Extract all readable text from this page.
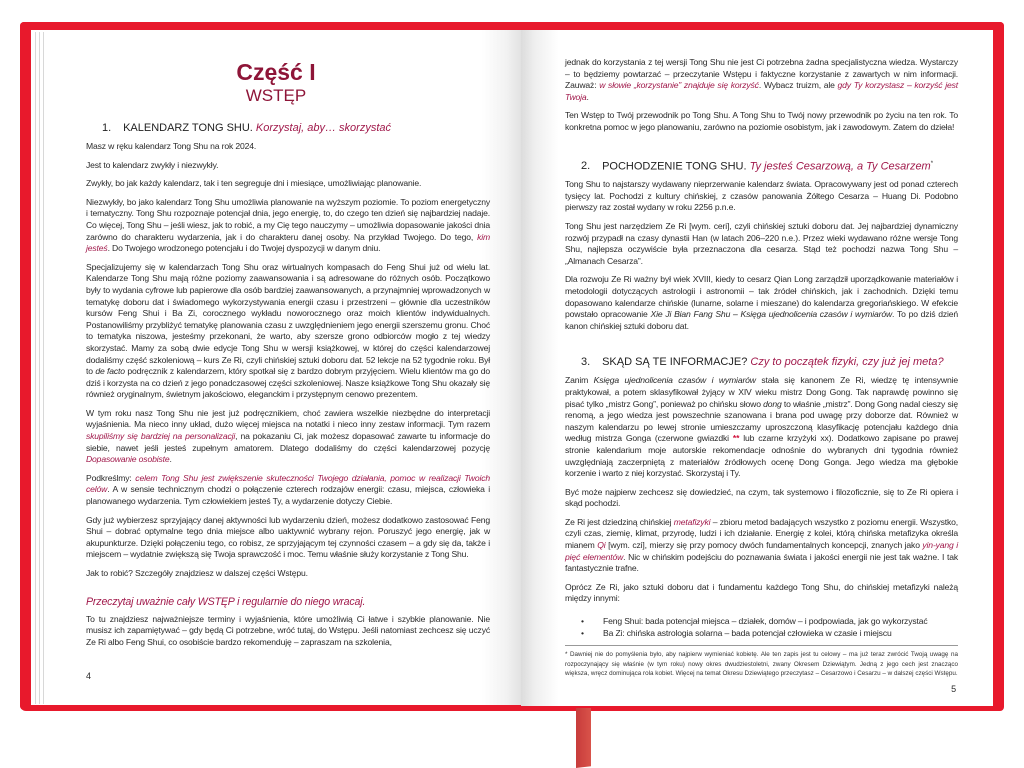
Część I
WSTĘP
1. KALENDARZ TONG SHU. Korzystaj, aby… skorzystać

Masz w ręku kalendarz Tong Shu na rok 2024.

Jest to kalendarz zwykły i niezwykły.

Zwykły, bo jak każdy kalendarz, tak i ten segreguje dni i miesiące, umożliwiając planowanie.

Niezwykły, bo jako kalendarz Tong Shu umożliwia planowanie na wyższym poziomie. To poziom energetyczny i tematyczny. Tong Shu rozpoznaje potencjał dnia, jego energię, to, do czego ten dzień się najbardziej nadaje. Co więcej, Tong Shu – jeśli wiesz, jak to robić, a my Cię tego nauczymy – umożliwia dopasowanie jakości dnia zarówno do charakteru wydarzenia, jak i do charakteru danej osoby. Na przykład Twojego. Do tego, kim jesteś. Do Twojego wrodzonego potencjału i do Twojej dyspozycji w danym dniu.

Specjalizujemy się w kalendarzach Tong Shu oraz wirtualnych kompasach do Feng Shui już od wielu lat. Kalendarze Tong Shu mają różne poziomy zaawansowania i są adresowane do różnych osób. Początkowo były to wydania cyfrowe lub papierowe dla osób bardziej zaawansowanych, a przynajmniej wprowadzonych w tematykę doboru dat i świadomego wykorzystywania energii czasu i przestrzeni – głównie dla uczestników kursów Feng Shui i Ba Zi, corocznego wykładu noworocznego oraz moich klientów indywidualnych. Postanowiliśmy przybliżyć tematykę planowania czasu z uwzględnieniem jego energii szerszemu gronu. Choć to tematyka niszowa, jesteśmy przekonani, że warto, aby szersze grono odbiorców mogło z tej wiedzy skorzystać. Mamy za sobą dwie edycje Tong Shu w wersji książkowej, w której do części kalendarzowej dodaliśmy część szkoleniową – kurs Ze Ri, czyli chińskiej sztuki doboru dat. 52 lekcje na 52 tygodnie roku. Był to de facto podręcznik z kalendarzem, który spotkał się z bardzo dobrym przyjęciem. Wielu klientów ma go do dziś i korzysta na co dzień z jego ponadczasowej części szkoleniowej. Nasze książkowe Tong Shu okazały się również oryginalnym, świetnym jakościowo, eleganckim i przystępnym cenowo prezentem.

W tym roku nasz Tong Shu nie jest już podręcznikiem, choć zawiera wszelkie niezbędne do interpretacji wyjaśnienia. Ma nieco inny układ, dużo więcej miejsca na notatki i nieco inny zestaw informacji. Tym razem skupiliśmy się bardziej na personalizacji, na pokazaniu Ci, jak możesz dopasować zawarte tu informacje do siebie, nawet jeśli jesteś zupełnym amatorem. Dlatego dodaliśmy do części kalendarzowej pozycję Dopasowanie osobiste.

Podkreślmy: celem Tong Shu jest zwiększenie skuteczności Twojego działania, pomoc w realizacji Twoich celów. A w sensie technicznym chodzi o połączenie czterech rodzajów energii: czasu, miejsca, człowieka i planowanego wydarzenia. Tym człowiekiem jesteś Ty, a wydarzenie dotyczy Ciebie.

Gdy już wybierzesz sprzyjający danej aktywności lub wydarzeniu dzień, możesz dodatkowo zastosować Feng Shui – dobrać optymalne tego dnia miejsce albo uaktywnić wybrany rejon. Poruszyć jego energię, jak w akupunkturze. Dzięki połączeniu tego, co robisz, ze sprzyjającym tej czynności czasem – a gdy się da, także i miejscem – wydatnie zwiększą się Twoja sprawczość i moc. Temu właśnie służy korzystanie z Tong Shu.

Jak to robić? Szczegóły znajdziesz w dalszej części Wstępu.

Przeczytaj uważnie cały WSTĘP i regularnie do niego wracaj.

To tu znajdziesz najważniejsze terminy i wyjaśnienia, które umożliwią Ci łatwe i szybkie planowanie. Nie musisz ich zapamiętywać – gdy będą Ci potrzebne, wróć tutaj, do Wstępu. Jeśli natomiast zechcesz się uczyć Ze Ri albo Feng Shui, co osobiście bardzo rekomenduję – zapraszam na szkolenia,

4

jednak do korzystania z tej wersji Tong Shu nie jest Ci potrzebna żadna specjalistyczna wiedza. Wystarczy – to będziemy powtarzać – przeczytanie Wstępu i faktyczne korzystanie z zawartych w nim informacji. Zauważ: w słowie „korzystanie” znajduje się korzyść. Wybacz truizm, ale gdy Ty korzystasz – korzyść jest Twoja.

Ten Wstęp to Twój przewodnik po Tong Shu. A Tong Shu to Twój nowy przewodnik po życiu na ten rok. To konkretna pomoc w jego planowaniu, zarówno na poziomie osobistym, jak i zawodowym. Zatem do dzieła!

2. POCHODZENIE TONG SHU. Ty jesteś Cesarzową, a Ty Cesarzem*

Tong Shu to najstarszy wydawany nieprzerwanie kalendarz świata. Opracowywany jest od ponad czterech tysięcy lat. Pochodzi z kultury chińskiej, z czasów panowania Żółtego Cesarza – Huang Di. Podobno pierwszy raz został wydany w roku 2256 p.n.e.

Tong Shu jest narzędziem Ze Ri [wym. ceri], czyli chińskiej sztuki doboru dat. Jej najbardziej dynamiczny rozwój przypadł na czasy dynastii Han (w latach 206–220 n.e.). Przez wieki wydawano różne wersje Tong Shu, najlepsza oczywiście była przeznaczona dla cesarza. Stąd też pochodzi nazwa Tong Shu – „Almanach Cesarza”.

Dla rozwoju Ze Ri ważny był wiek XVIII, kiedy to cesarz Qian Long zarządził uporządkowanie materiałów i metodologii dotyczących astrologii i astronomii – tak źródeł chińskich, jak i zachodnich. Dzięki temu dopasowano kalendarze chińskie (lunarne, solarne i mieszane) do kalendarza gregoriańskiego. W efekcie powstało opracowanie Xie Ji Bian Fang Shu – Księga ujednolicenia czasów i wymiarów. To po dziś dzień kanon chińskiej sztuki doboru dat.

3. SKĄD SĄ TE INFORMACJE? Czy to początek fizyki, czy już jej meta?

Zanim Księga ujednolicenia czasów i wymiarów stała się kanonem Ze Ri, wiedzę tę intensywnie praktykował, a potem sklasyfikował żyjący w XIV wieku mistrz Dong Gong. Tak naprawdę powinno się pisać tylko „mistrz Gong”, ponieważ po chińsku słowo dong to właśnie „mistrz”. Dong Gong nadal cieszy się renomą, a jego wiedza jest powszechnie szanowana i brana pod uwagę przy doborze dat. Również w naszym kalendarzu po lewej stronie umieszczamy uproszczoną klasyfikację potencjału każdego dnia według mistrza Gonga (czerwone gwiazdki ** lub czarne krzyżyki xx). Dodatkowo zapisane po prawej stronie kalendarium moje autorskie rekomendacje odnośnie do wybranych dni tygodnia również uwzględniają zaczerpniętą z materiałów źródłowych ocenę Dong Gonga. Jego wiedza ma głębokie korzenie i warto z niej korzystać. Skorzystaj i Ty.

Być może najpierw zechcesz się dowiedzieć, na czym, tak systemowo i filozoficznie, się to Ze Ri opiera i skąd pochodzi.

Ze Ri jest dziedziną chińskiej metafizyki – zbioru metod badających wszystko z poziomu energii. Wszystko, czyli czas, ziemię, klimat, przyrodę, ludzi i ich działanie. Energię z kolei, którą chińska metafizyka określa mianem Qi [wym. czi], mierzy się przy pomocy dwóch fundamentalnych koncepcji, znanych jako yin-yang i pięć elementów. Nic w chińskim podejściu do poznawania świata i jakości energii nie jest tak ważne. I tak fantastycznie trafne.

Oprócz Ze Ri, jako sztuki doboru dat i fundamentu każdego Tong Shu, do chińskiej metafizyki należą między innymi:

• Feng Shui: bada potencjał miejsca – działek, domów – i podpowiada, jak go wykorzystać
• Ba Zi: chińska astrologia solarna – bada potencjał człowieka w czasie i miejscu
* Dawniej nie do pomyślenia było, aby najpierw wymieniać kobietę. Ale ten zapis jest tu celowy – ma już teraz zwrócić Twoją uwagę na rozpoczynający się właśnie (w tym roku) nowy okres dwudziestoletni, zwany Okresem Dziewiątym. Jedną z jego cech jest znacząco większa, wręcz dominująca rola kobiet. Więcej na temat Okresu Dziewiątego przeczytasz – Cesarzowo i Cesarzu – w dalszej części Wstępu.
5
